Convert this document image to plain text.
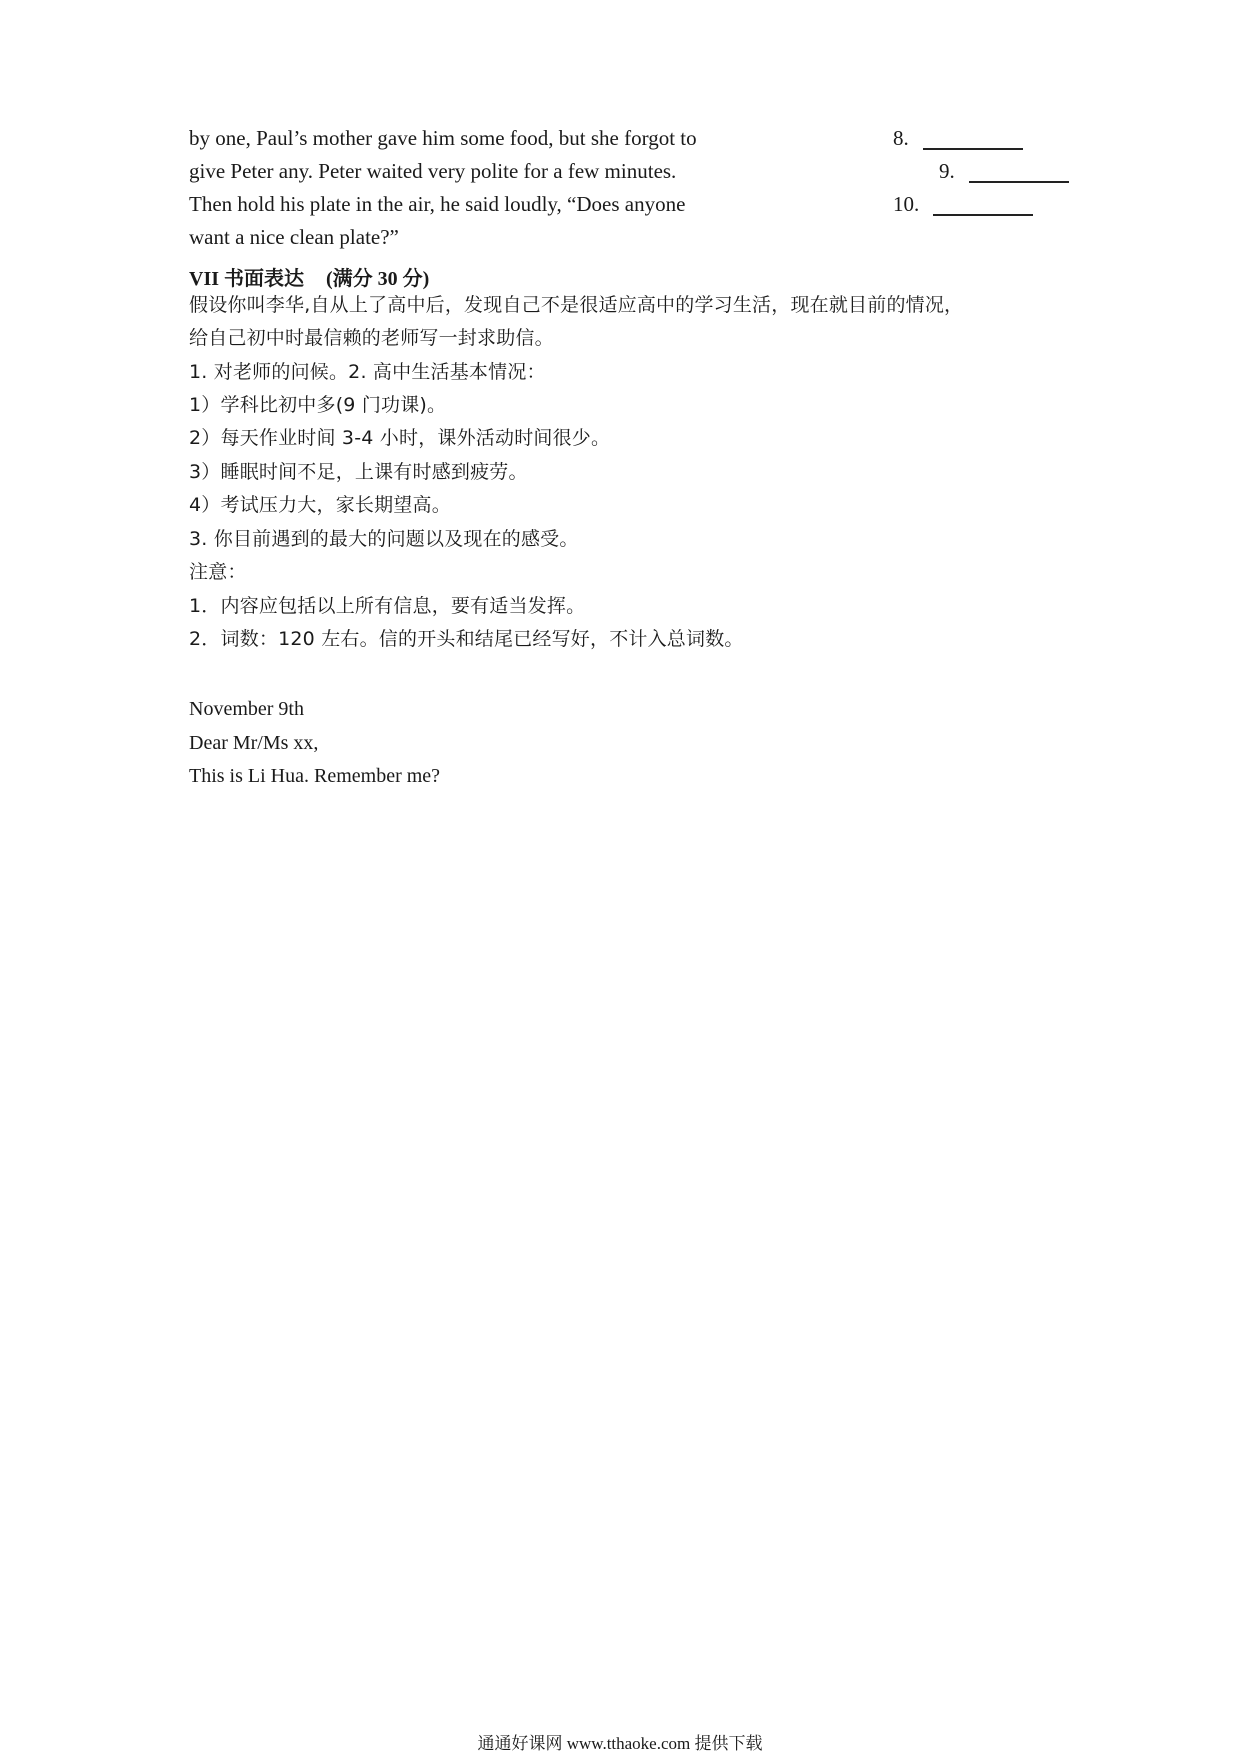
by one, Paul’s mother gave him some food, but she forgot to
give Peter any. Peter waited very polite for a few minutes.
Then hold his plate in the air, he said loudly, “Does anyone
want a nice clean plate?”
8.
9.
10.
VII 书面表达 (满分 30 分)
假设你叫李华,自从上了高中后，发现自己不是很适应高中的学习生活，现在就目前的情况，
给自己初中时最信赖的老师写一封求助信。
1. 对老师的问候。2. 高中生活基本情况：
1）学科比初中多(9 门功课)。
2）每天作业时间 3-4 小时，课外活动时间很少。
3）睡眠时间不足，上课有时感到疲劳。
4）考试压力大，家长期望高。
3. 你目前遇到的最大的问题以及现在的感受。
注意：
1．内容应包括以上所有信息，要有适当发挥。
2．词数：120 左右。信的开头和结尾已经写好，不计入总词数。
November 9th
Dear Mr/Ms xx,
This is Li Hua. Remember me?
通通好课网 www.tthaoke.com 提供下载
